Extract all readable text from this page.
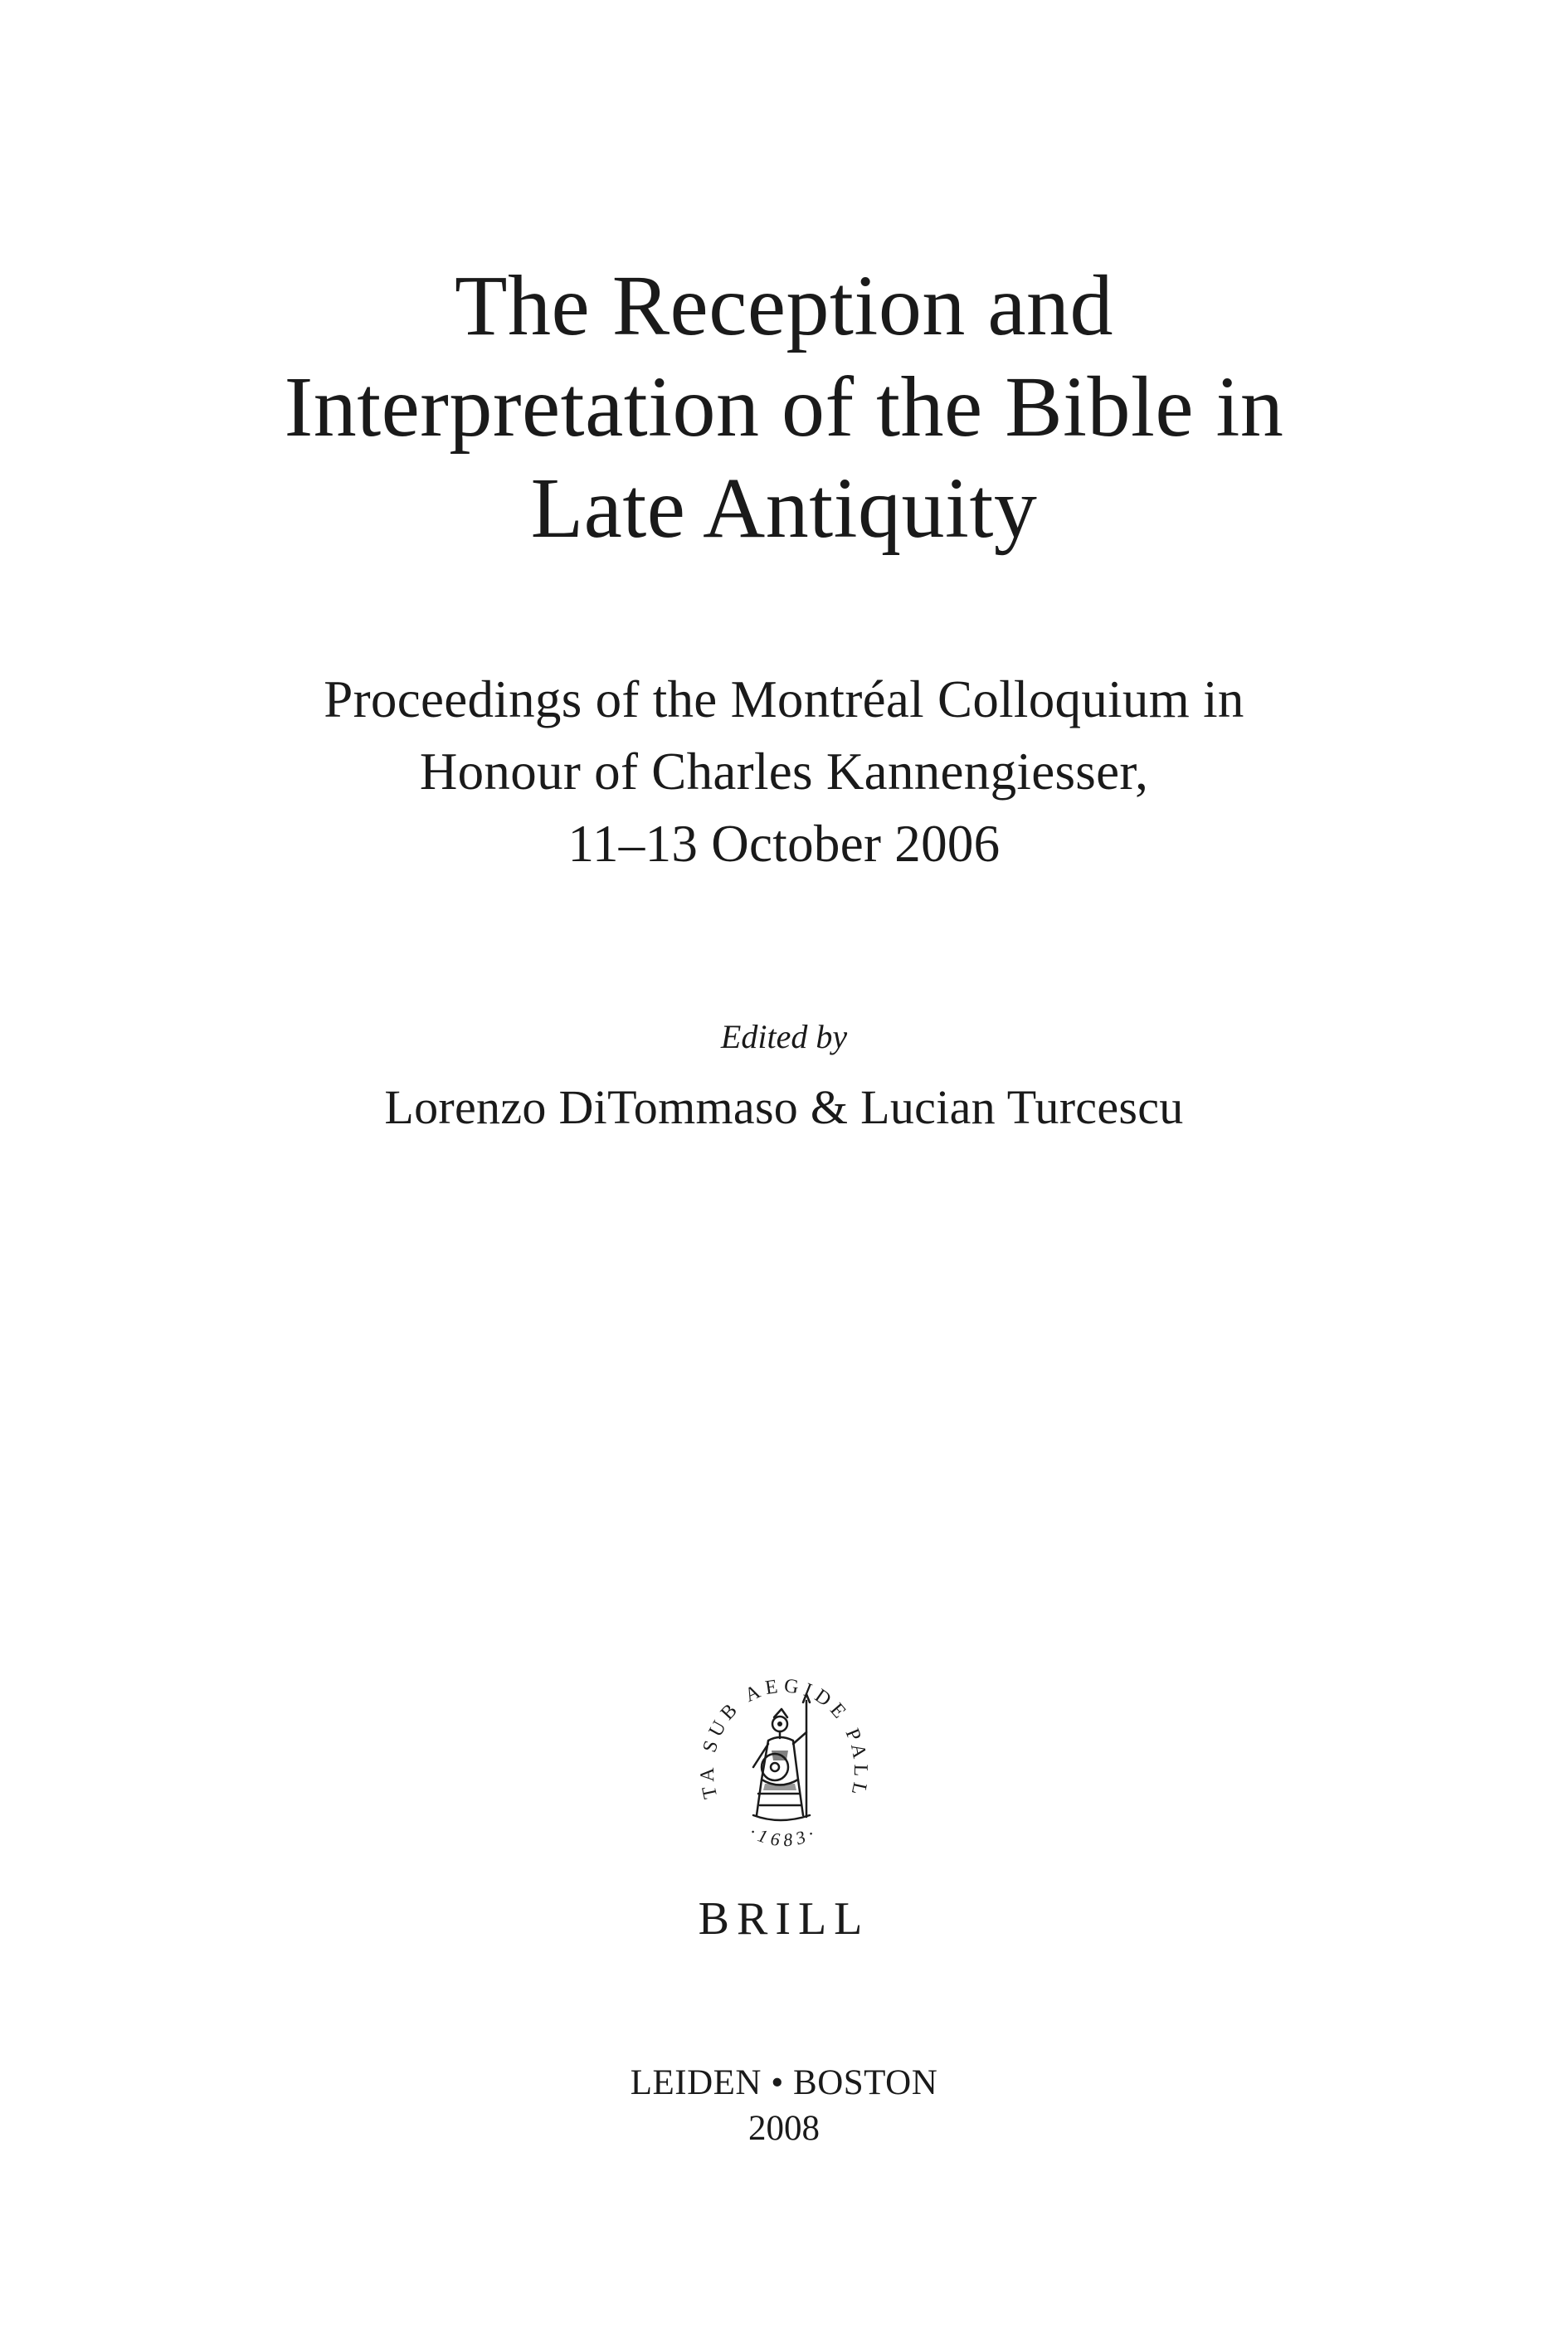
The Reception and
Interpretation of the Bible in
Late Antiquity
Proceedings of the Montréal Colloquium in
Honour of Charles Kannengiesser,
11–13 October 2006
Edited by
Lorenzo DiTommaso & Lucian Turcescu
TA SUB AEGIDE PALL
·1683·
BRILL
LEIDEN • BOSTON
2008
